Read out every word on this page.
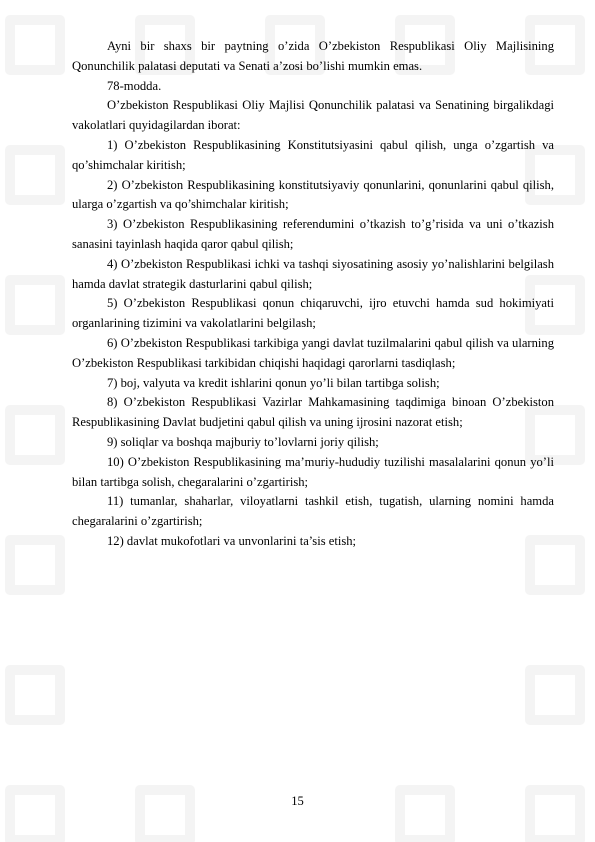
Ayni bir shaxs bir paytning o’zida O’zbekiston Respublikasi Oliy Majlisining Qonunchilik palatasi deputati va Senati a’zosi bo’lishi mumkin emas.

78-modda.

O’zbekiston Respublikasi Oliy Majlisi Qonunchilik palatasi va Senatining birgalikdagi vakolatlari quyidagilardan iborat:

1) O’zbekiston Respublikasining Konstitutsiyasini qabul qilish, unga o’zgartish va qo’shimchalar kiritish;

2) O’zbekiston Respublikasining konstitutsiyaviy qonunlarini, qonunlarini qabul qilish, ularga o’zgartish va qo’shimchalar kiritish;

3) O’zbekiston Respublikasining referendumini o’tkazish to’g’risida va uni o’tkazish sanasini tayinlash haqida qaror qabul qilish;

4) O’zbekiston Respublikasi ichki va tashqi siyosatining asosiy yo’nalishlarini belgilash hamda davlat strategik dasturlarini qabul qilish;

5) O’zbekiston Respublikasi qonun chiqaruvchi, ijro etuvchi hamda sud hokimiyati organlarining tizimini va vakolatlarini belgilash;

6) O’zbekiston Respublikasi tarkibiga yangi davlat tuzilmalarini qabul qilish va ularning O’zbekiston Respublikasi tarkibidan chiqishi haqidagi qarorlarni tasdiqlash;

7) boj, valyuta va kredit ishlarini qonun yo’li bilan tartibga solish;

8) O’zbekiston Respublikasi Vazirlar Mahkamasining taqdimiga binoan O’zbekiston Respublikasining Davlat budjetini qabul qilish va uning ijrosini nazorat etish;

9) soliqlar va boshqa majburiy to’lovlarni joriy qilish;

10) O’zbekiston Respublikasining ma’muriy-hududiy tuzilishi masalalarini qonun yo’li bilan tartibga solish, chegaralarini o’zgartirish;

11) tumanlar, shaharlar, viloyatlarni tashkil etish, tugatish, ularning nomini hamda chegaralarini o’zgartirish;

12) davlat mukofotlari va unvonlarini ta’sis etish;

15
